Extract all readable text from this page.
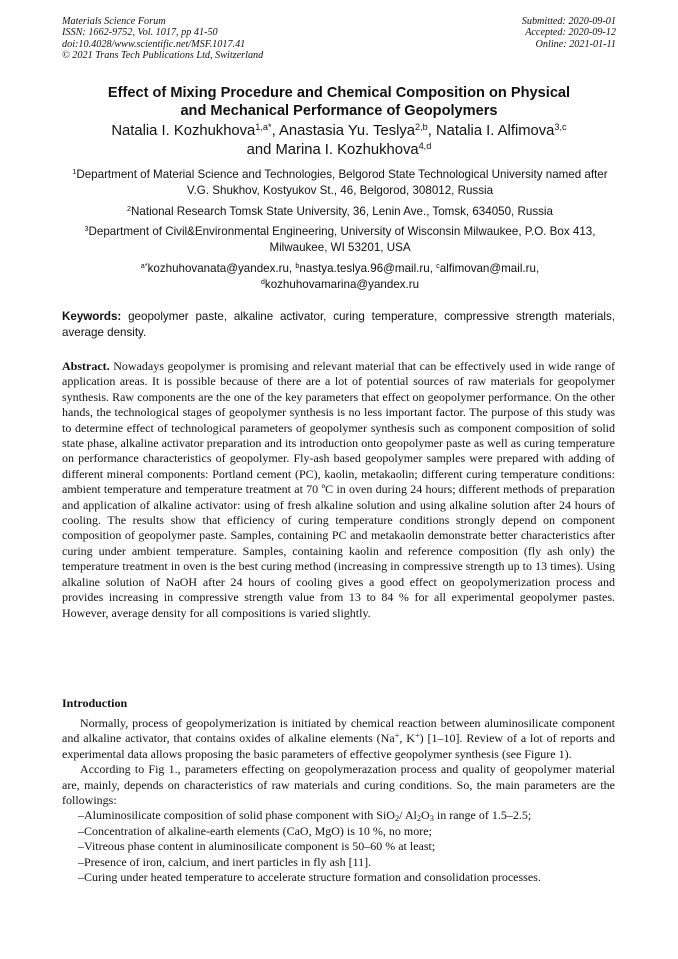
Materials Science Forum
ISSN: 1662-9752, Vol. 1017, pp 41-50
doi:10.4028/www.scientific.net/MSF.1017.41
© 2021 Trans Tech Publications Ltd, Switzerland
Submitted: 2020-09-01
Accepted: 2020-09-12
Online: 2021-01-11
Effect of Mixing Procedure and Chemical Composition on Physical
and Mechanical Performance of Geopolymers
Natalia I. Kozhukhova$^{1,a*}$, Anastasia Yu. Teslya$^{2,b}$, Natalia I. Alfimova$^{3,c}$
and Marina I. Kozhukhova$^{4,d}$
$^1$Department of Material Science and Technologies, Belgorod State Technological University named after V.G. Shukhov, Kostyukov St., 46, Belgorod, 308012, Russia
$^2$National Research Tomsk State University, 36, Lenin Ave., Tomsk, 634050, Russia
$^3$Department of Civil&Environmental Engineering, University of Wisconsin Milwaukee, P.O. Box 413, Milwaukee, WI 53201, USA
$^{a*}$kozhuhovanata@yandex.ru, $^b$nastya.teslya.96@mail.ru, $^c$alfimovan@mail.ru,
$^d$kozhuhovamarina@yandex.ru
Keywords: geopolymer paste, alkaline activator, curing temperature, compressive strength materials, average density.
Abstract. Nowadays geopolymer is promising and relevant material that can be effectively used in wide range of application areas. It is possible because of there are a lot of potential sources of raw materials for geopolymer synthesis. Raw components are the one of the key parameters that effect on geopolymer performance. On the other hands, the technological stages of geopolymer synthesis is no less important factor. The purpose of this study was to determine effect of technological parameters of geopolymer synthesis such as component composition of solid state phase, alkaline activator preparation and its introduction onto geopolymer paste as well as curing temperature on performance characteristics of geopolymer. Fly-ash based geopolymer samples were prepared with adding of different mineral components: Portland cement (PC), kaolin, metakaolin; different curing temperature conditions: ambient temperature and temperature treatment at 70 ºC in oven during 24 hours; different methods of preparation and application of alkaline activator: using of fresh alkaline solution and using alkaline solution after 24 hours of cooling. The results show that efficiency of curing temperature conditions strongly depend on component composition of geopolymer paste. Samples, containing PC and metakaolin demonstrate better characteristics after curing under ambient temperature. Samples, containing kaolin and reference composition (fly ash only) the temperature treatment in oven is the best curing method (increasing in compressive strength up to 13 times). Using alkaline solution of NaOH after 24 hours of cooling gives a good effect on geopolymerization process and provides increasing in compressive strength value from 13 to 84 % for all experimental geopolymer pastes. However, average density for all compositions is varied slightly.
Introduction

Normally, process of geopolymerization is initiated by chemical reaction between aluminosilicate component and alkaline activator, that contains oxides of alkaline elements (Na+, K+) [1–10]. Review of a lot of reports and experimental data allows proposing the basic parameters of effective geopolymer synthesis (see Figure 1).

According to Fig 1., parameters effecting on geopolymerazation process and quality of geopolymer material are, mainly, depends on characteristics of raw materials and curing conditions. So, the main parameters are the followings:

–Aluminosilicate composition of solid phase component with SiO$_2$/ $Al_2O_3$ in range of 1.5–2.5;
–Concentration of alkaline-earth elements (CaO, MgO) is 10 %, no more;
–Vitreous phase content in aluminosilicate component is 50–60 % at least;
–Presence of iron, calcium, and inert particles in fly ash [11].
–Curing under heated temperature to accelerate structure formation and consolidation processes.
